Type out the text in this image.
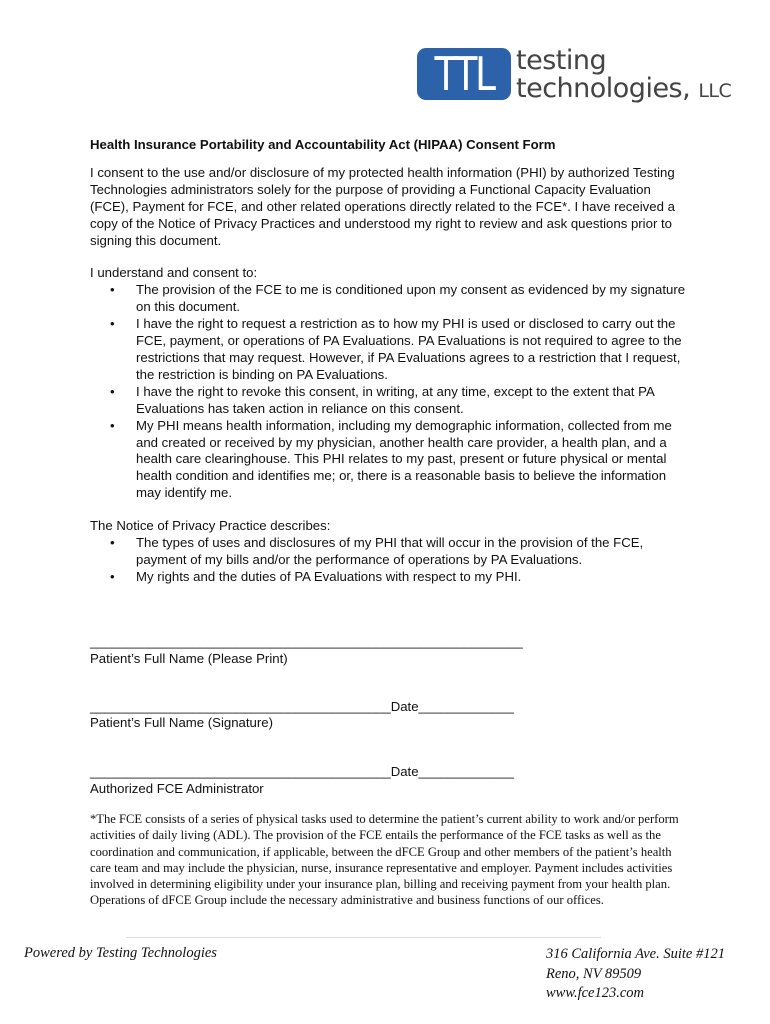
TTL testing
technologies, LLC

Health Insurance Portability and Accountability Act (HIPAA) Consent Form

I consent to the use and/or disclosure of my protected health information (PHI) by authorized Testing Technologies administrators solely for the purpose of providing a Functional Capacity Evaluation (FCE), Payment for FCE, and other related operations directly related to the FCE*. I have received a copy of the Notice of Privacy Practices and understood my right to review and ask questions prior to signing this document.

I understand and consent to:

• The provision of the FCE to me is conditioned upon my consent as evidenced by my signature on this document.
• I have the right to request a restriction as to how my PHI is used or disclosed to carry out the FCE, payment, or operations of PA Evaluations. PA Evaluations is not required to agree to the restrictions that may request. However, if PA Evaluations agrees to a restriction that I request, the restriction is binding on PA Evaluations.
• I have the right to revoke this consent, in writing, at any time, except to the extent that PA Evaluations has taken action in reliance on this consent.
• My PHI means health information, including my demographic information, collected from me and created or received by my physician, another health care provider, a health plan, and a health care clearinghouse. This PHI relates to my past, present or future physical or mental health condition and identifies me; or, there is a reasonable basis to believe the information may identify me.

The Notice of Privacy Practice describes:

• The types of uses and disclosures of my PHI that will occur in the provision of the FCE, payment of my bills and/or the performance of operations by PA Evaluations.
• My rights and the duties of PA Evaluations with respect to my PHI.
___________________________________________________________
Patient’s Full Name (Please Print)
_________________________________________Date_____________
Patient’s Full Name (Signature)
_________________________________________Date_____________
Authorized FCE Administrator
*The FCE consists of a series of physical tasks used to determine the patient’s current ability to work and/or perform activities of daily living (ADL). The provision of the FCE entails the performance of the FCE tasks as well as the coordination and communication, if applicable, between the dFCE Group and other members of the patient’s health care team and may include the physician, nurse, insurance representative and employer. Payment includes activities involved in determining eligibility under your insurance plan, billing and receiving payment from your health plan. Operations of dFCE Group include the necessary administrative and business functions of our offices.
Powered by Testing Technologies	316 California Ave. Suite #121
Reno, NV 89509
www.fce123.com
